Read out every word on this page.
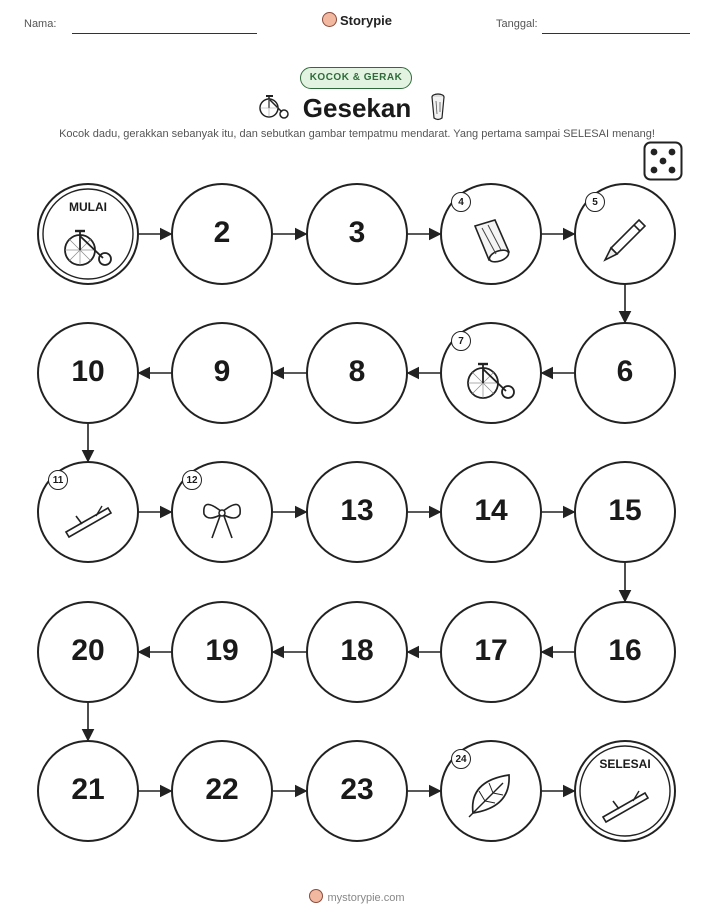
Nama:	Storypie	Tanggal:
KOCOK & GERAK
Gesekan
Kocok dadu, gerakkan sebanyak itu, dan sebutkan gambar tempatmu mendarat. Yang pertama sampai SELESAI menang!
MULAI
2	3
4	5
6
7
8
9
10
11	12
13	14	15
16
17
18
19
20
21	22	23
24	SELESAI
mystorypie.com
